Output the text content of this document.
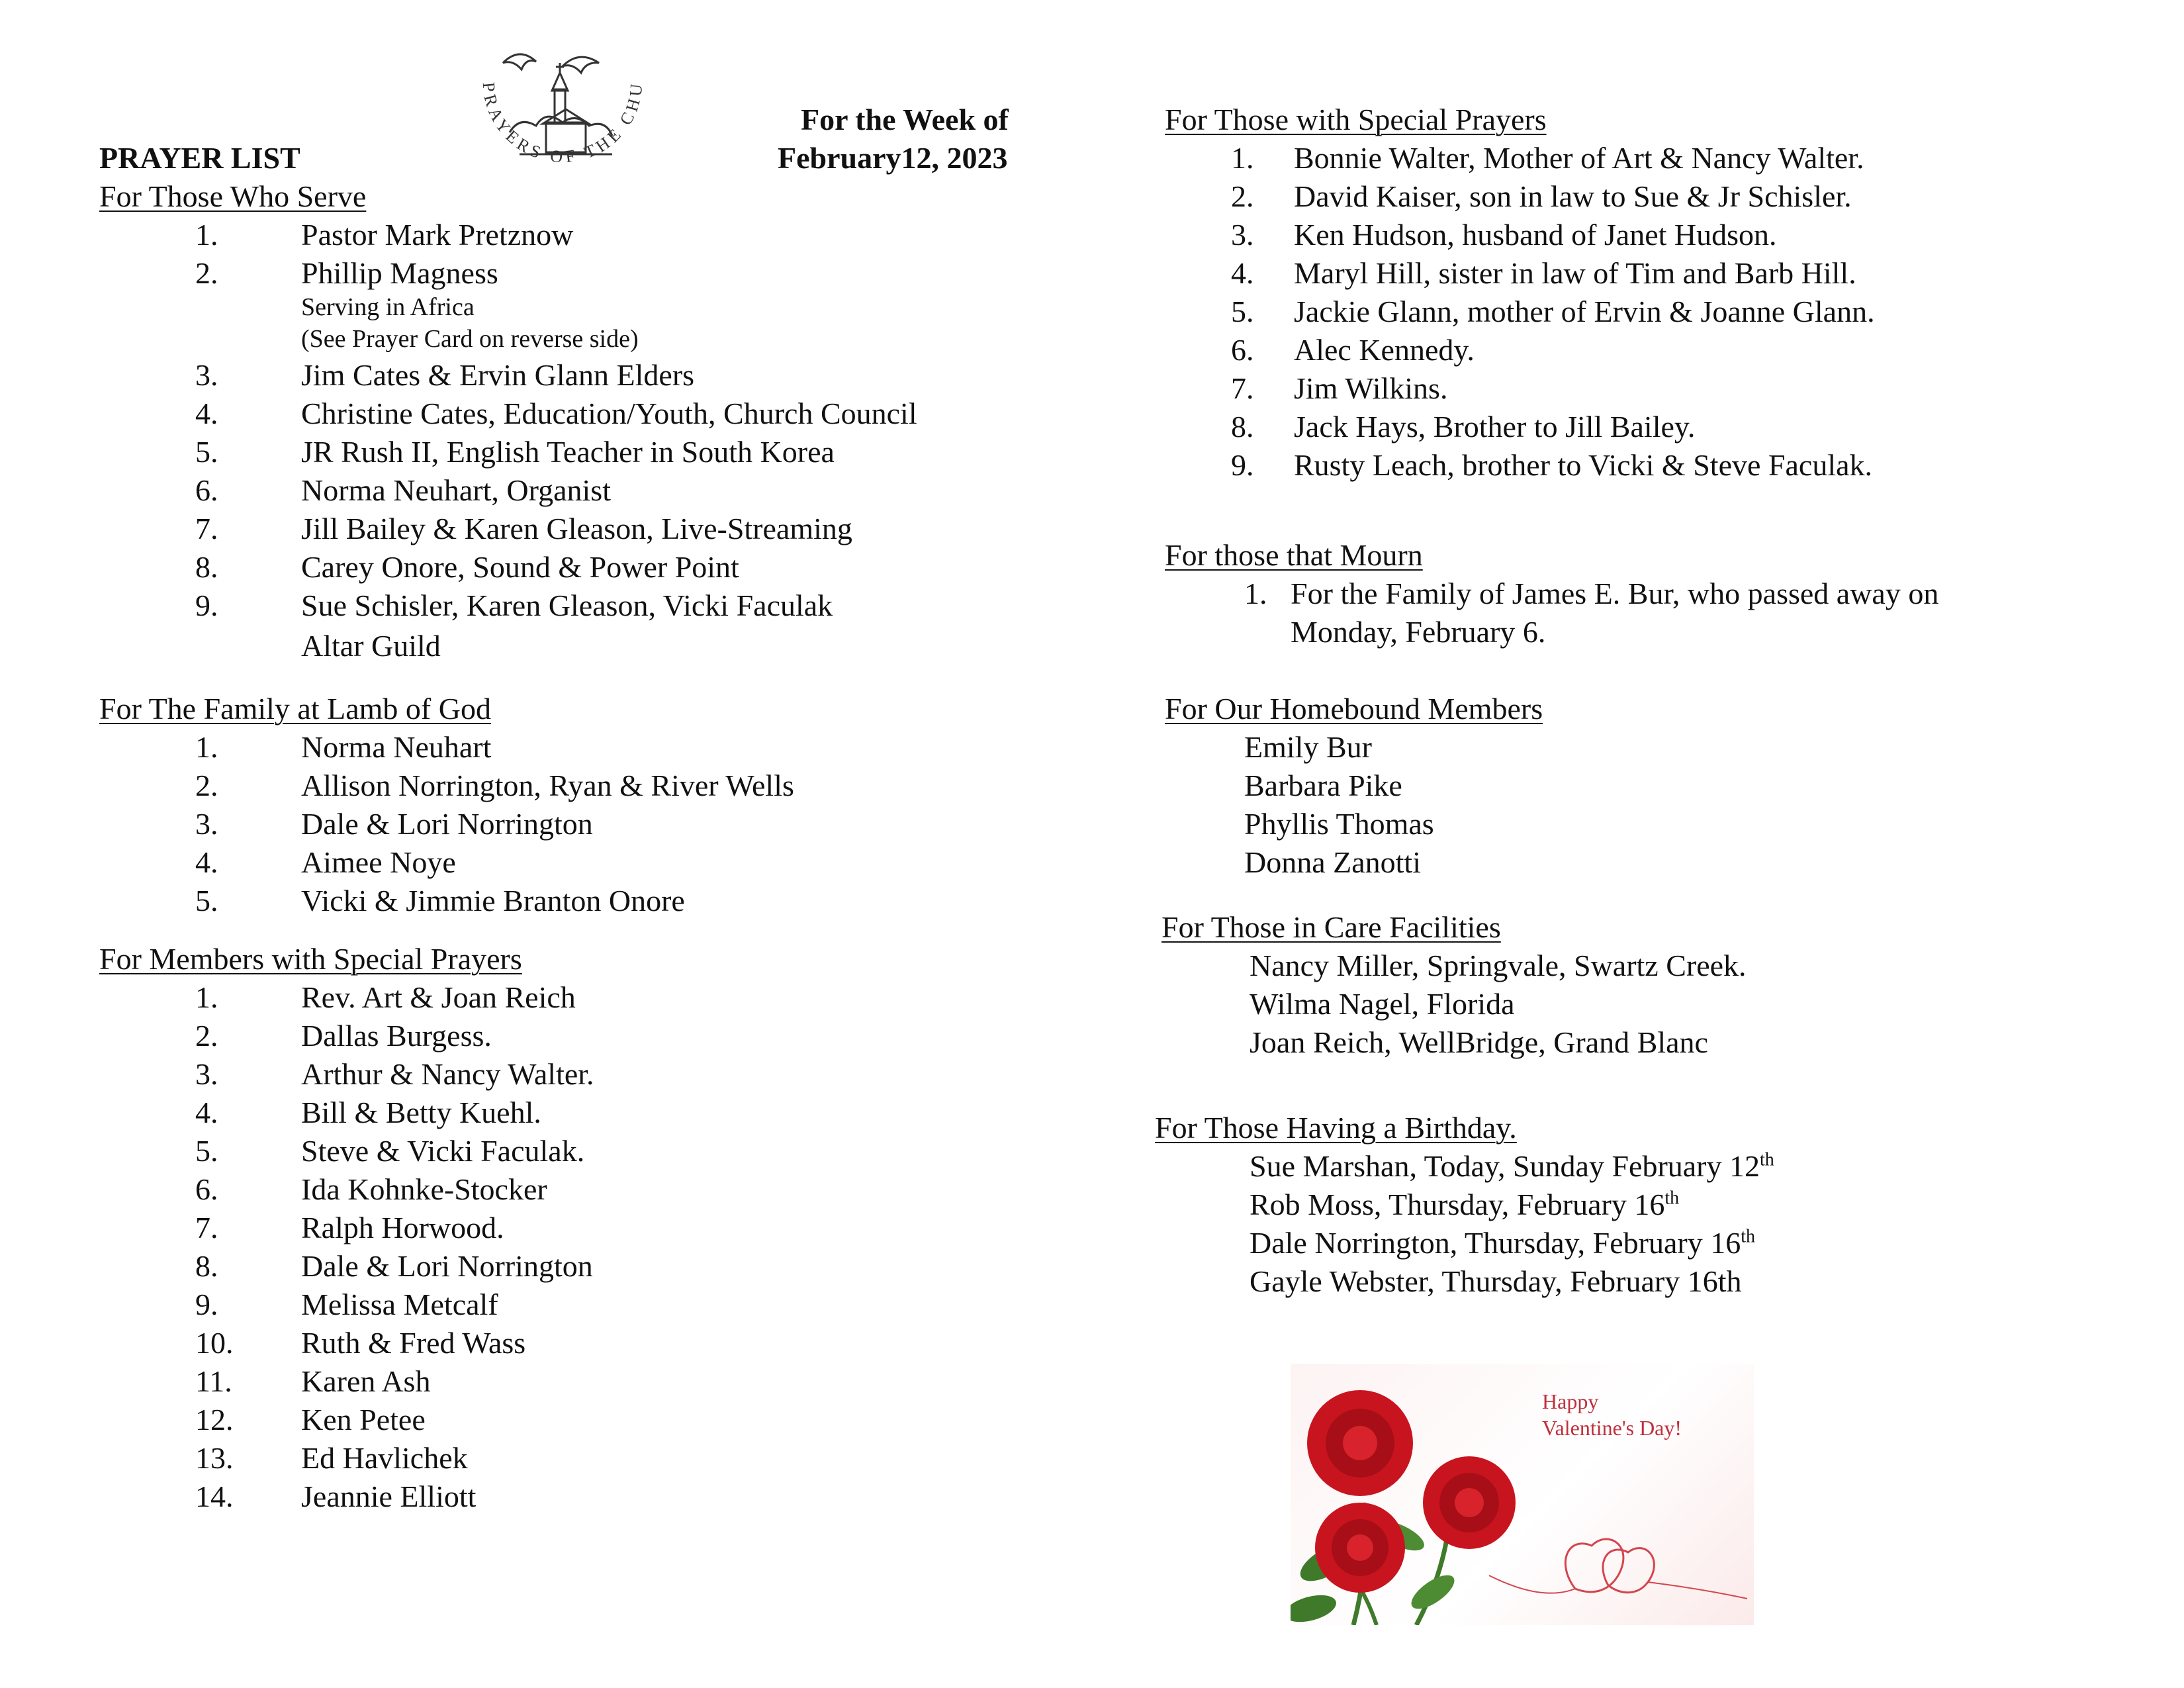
PRAYERS OF THE CHU
PRAYER LIST
For the Week of
February12, 2023
For Those Who Serve
1.	Pastor Mark Pretznow
2.	Phillip Magness
3.	Jim Cates & Ervin Glann Elders
4.	Christine Cates, Education/Youth, Church Council
5.	JR Rush II, English Teacher in South Korea
6.	Norma Neuhart, Organist
7.	Jill Bailey & Karen Gleason, Live-Streaming
8.	Carey Onore, Sound & Power Point
9.	Sue Schisler, Karen Gleason, Vicki Faculak
Serving in Africa
(See Prayer Card on reverse side)
Altar Guild
For The Family at Lamb of God
1.	Norma Neuhart
2.	Allison Norrington, Ryan & River Wells
3.	Dale & Lori Norrington
4.	Aimee Noye
5.	Vicki & Jimmie Branton Onore
For Members with Special Prayers
1.	Rev. Art & Joan Reich
2.	Dallas Burgess.
3.	Arthur & Nancy Walter.
4.	Bill & Betty Kuehl.
5.	Steve & Vicki Faculak.
6.	Ida Kohnke-Stocker
7.	Ralph Horwood.
8.	Dale & Lori Norrington
9.	Melissa Metcalf
10. Ruth & Fred Wass
11. Karen Ash
12. Ken Petee
13. Ed Havlichek
14. Jeannie Elliott
For Those with Special Prayers
1. Bonnie Walter, Mother of Art & Nancy Walter.
2. David Kaiser, son in law to Sue & Jr Schisler.
3. Ken Hudson, husband of Janet Hudson.
4. Maryl Hill, sister in law of Tim and Barb Hill.
5. Jackie Glann, mother of Ervin & Joanne Glann.
6. Alec Kennedy.
7. Jim Wilkins.
8. Jack Hays, Brother to Jill Bailey.
9. Rusty Leach, brother to Vicki & Steve Faculak.
For those that Mourn
1. For the Family of James E. Bur, who passed away on
Monday, February 6.
For Our Homebound Members
Emily Bur
Barbara Pike
Phyllis Thomas
Donna Zanotti
For Those in Care Facilities
Nancy Miller, Springvale, Swartz Creek.
Wilma Nagel, Florida
Joan Reich, WellBridge, Grand Blanc
For Those Having a Birthday.
Sue Marshan, Today, Sunday February 12th
Rob Moss, Thursday, February 16th
Dale Norrington, Thursday, February 16th
Gayle Webster, Thursday, February 16th
Happy
Valentine's Day!
